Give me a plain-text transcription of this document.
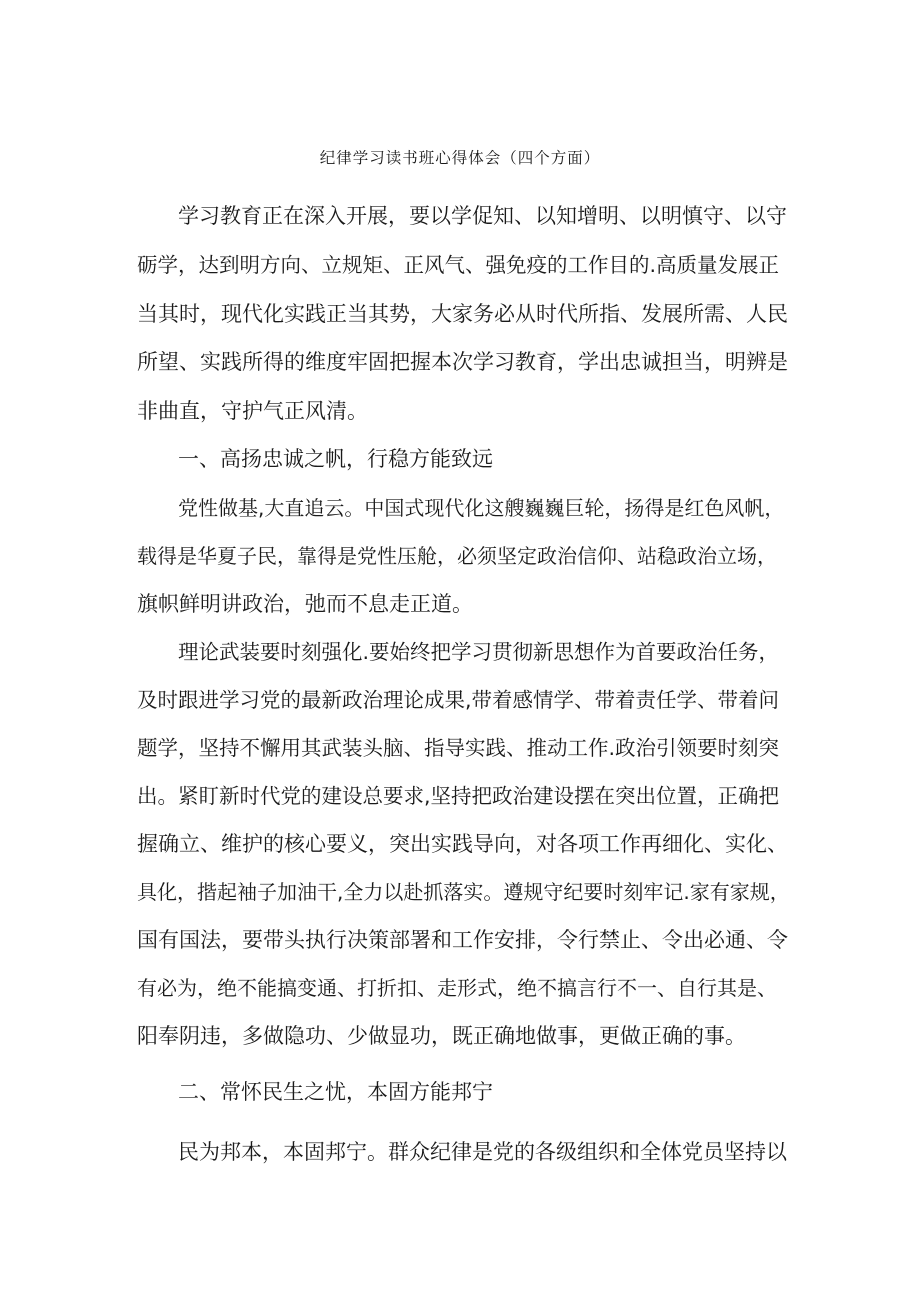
纪律学习读书班心得体会（四个方面）

学习教育正在深入开展，要以学促知、以知增明、以明慎守、以守

砺学，达到明方向、立规矩、正风气、强免疫的工作目的.高质量发展正

当其时，现代化实践正当其势，大家务必从时代所指、发展所需、人民

所望、实践所得的维度牢固把握本次学习教育，学出忠诚担当，明辨是

非曲直，守护气正风清。

一、高扬忠诚之帆，行稳方能致远

党性做基,大直追云。中国式现代化这艘巍巍巨轮，扬得是红色风帆，

载得是华夏子民，靠得是党性压舱，必须坚定政治信仰、站稳政治立场，

旗帜鲜明讲政治，弛而不息走正道。

理论武装要时刻强化.要始终把学习贯彻新思想作为首要政治任务，

及时跟进学习党的最新政治理论成果,带着感情学、带着责任学、带着问

题学，坚持不懈用其武装头脑、指导实践、推动工作.政治引领要时刻突

出。紧盯新时代党的建设总要求,坚持把政治建设摆在突出位置，正确把

握确立、维护的核心要义，突出实践导向，对各项工作再细化、实化、

具化，揩起袖子加油干,全力以赴抓落实。遵规守纪要时刻牢记.家有家规，

国有国法，要带头执行决策部署和工作安排，令行禁止、令出必通、令

有必为，绝不能搞变通、打折扣、走形式，绝不搞言行不一、自行其是、

阳奉阴违，多做隐功、少做显功，既正确地做事，更做正确的事。

二、常怀民生之忧，本固方能邦宁

民为邦本，本固邦宁。群众纪律是党的各级组织和全体党员坚持以
